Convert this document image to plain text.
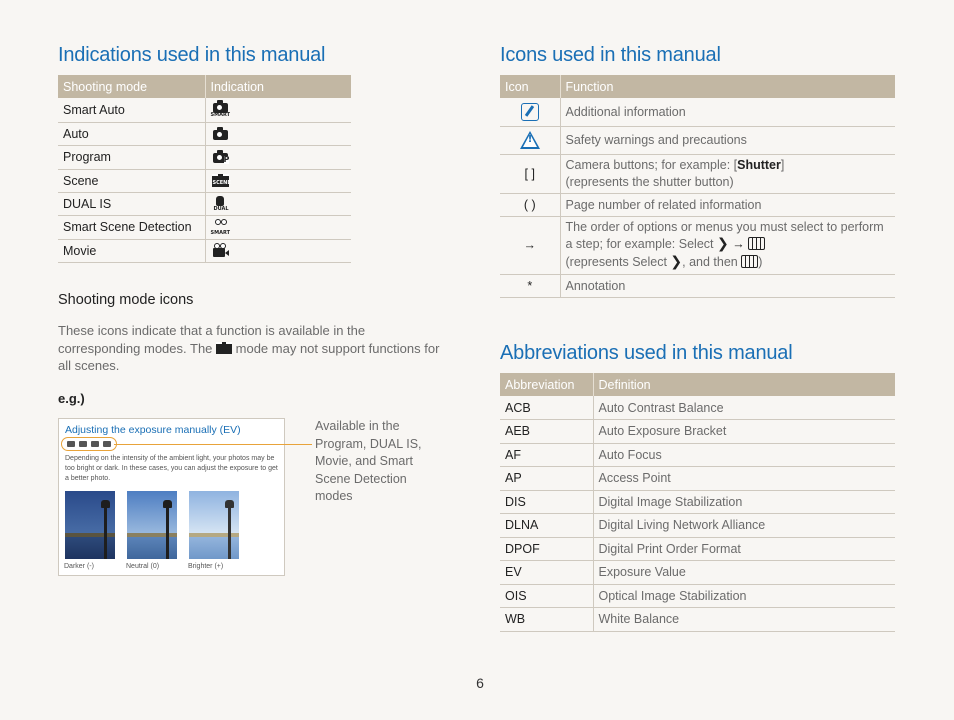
Indications used in this manual
Shooting mode	Indication
Smart Auto	SMART

Auto	

Program	P

Scene	SCENE

DUAL IS	DUAL

Smart Scene Detection	SMART

Movie	
Shooting mode icons
These icons indicate that a function is available in the corresponding modes. The  mode may not support functions for all scenes.
e.g.)
Adjusting the exposure manually (EV)
Depending on the intensity of the ambient light, your photos may be too bright or dark. In these cases, you can adjust the exposure to get a better photo.
Darker (-)	Neutral (0)	Brighter (+)
Available in the Program, DUAL IS, Movie, and Smart Scene Detection modes
Icons used in this manual
Icon	Function
	Additional information
!	Safety warnings and precautions
[ ]	Camera buttons; for example: [Shutter]
(represents the shutter button)
( )	Page number of related information
→	The order of options or menus you must select to perform
a step; for example: Select ❯ →
(represents Select ❯, and then )
*	Annotation
Abbreviations used in this manual
Abbreviation	Definition
ACB	Auto Contrast Balance
AEB	Auto Exposure Bracket
AF	Auto Focus
AP	Access Point
DIS	Digital Image Stabilization
DLNA	Digital Living Network Alliance
DPOF	Digital Print Order Format
EV	Exposure Value
OIS	Optical Image Stabilization
WB	White Balance
6
